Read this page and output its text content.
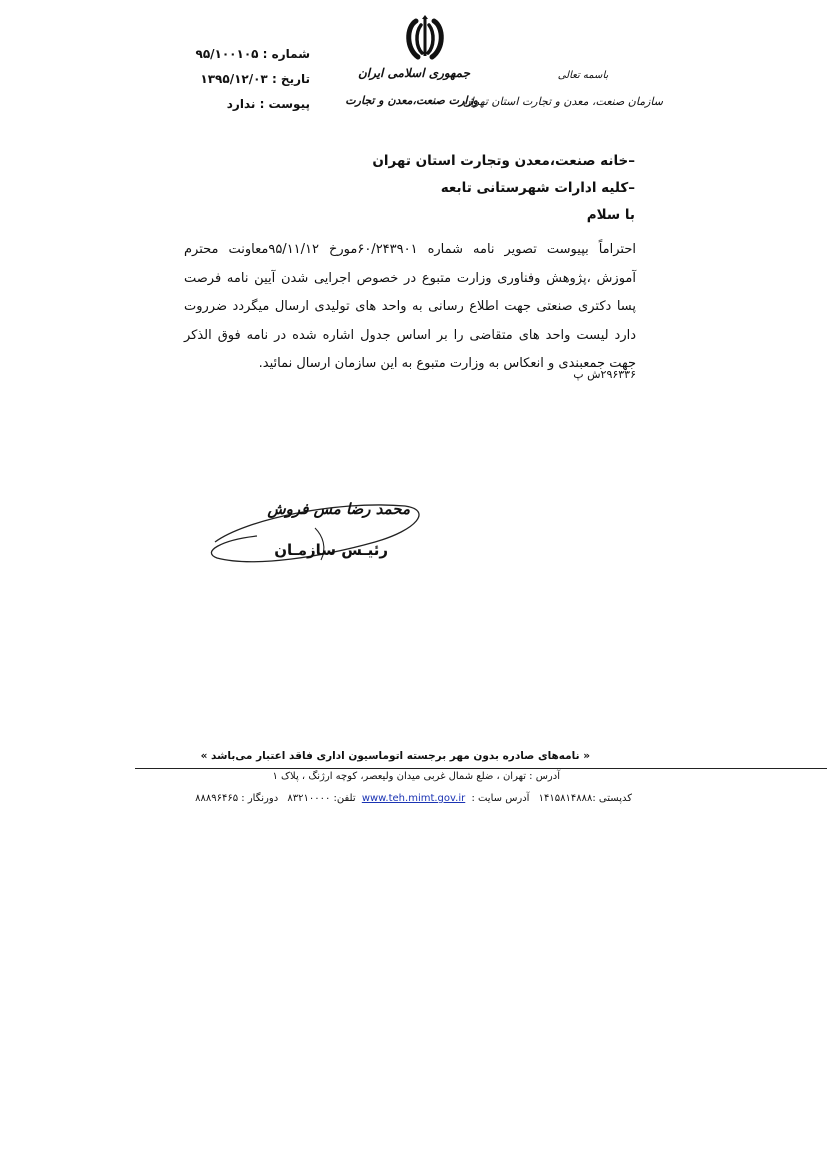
شماره : ۹۵/۱۰۰۱۰۵
تاریخ : ۱۳۹۵/۱۲/۰۳
پیوست : ندارد
جمهوری اسلامی ایران
وزارت صنعت،معدن و تجارت
باسمه تعالی
سازمان صنعت، معدن و تجارت استان تهران
–خانه صنعت،معدن وتجارت استان تهران
–کلیه ادارات شهرستانی تابعه
با سلام
احتراماً بپیوست تصویر نامه شماره ۶۰/۲۴۳۹۰۱مورخ ۹۵/۱۱/۱۲معاونت محترم آموزش ،پژوهش وفناوری وزارت متبوع در خصوص اجرایی شدن آیین نامه فرصت پسا دکتری صنعتی جهت اطلاع رسانی به واحد های تولیدی ارسال میگردد ضرروت دارد لیست واحد های متقاضی را بر اساس جدول اشاره شده در نامه فوق الذکر جهت جمعبندی و انعکاس به وزارت متبوع به این سازمان ارسال نمائید.
۲۹۶۳۳۶ش پ
محمد رضا مس فروش
رئیـس سازمـان
« نامه‌های صادره بدون مهر برجسته اتوماسیون اداری فاقد اعتبار می‌باشد »
آدرس : تهران ، ضلع شمال غربی میدان ولیعصر، کوچه ارژنگ ، پلاک ۱
کدپستی :۱۴۱۵۸۱۴۸۸۸ آدرس سایت : www.teh.mimt.gov.ir تلفن: ۸۳۲۱۰۰۰۰ دورنگار : ۸۸۸۹۶۴۶۵
